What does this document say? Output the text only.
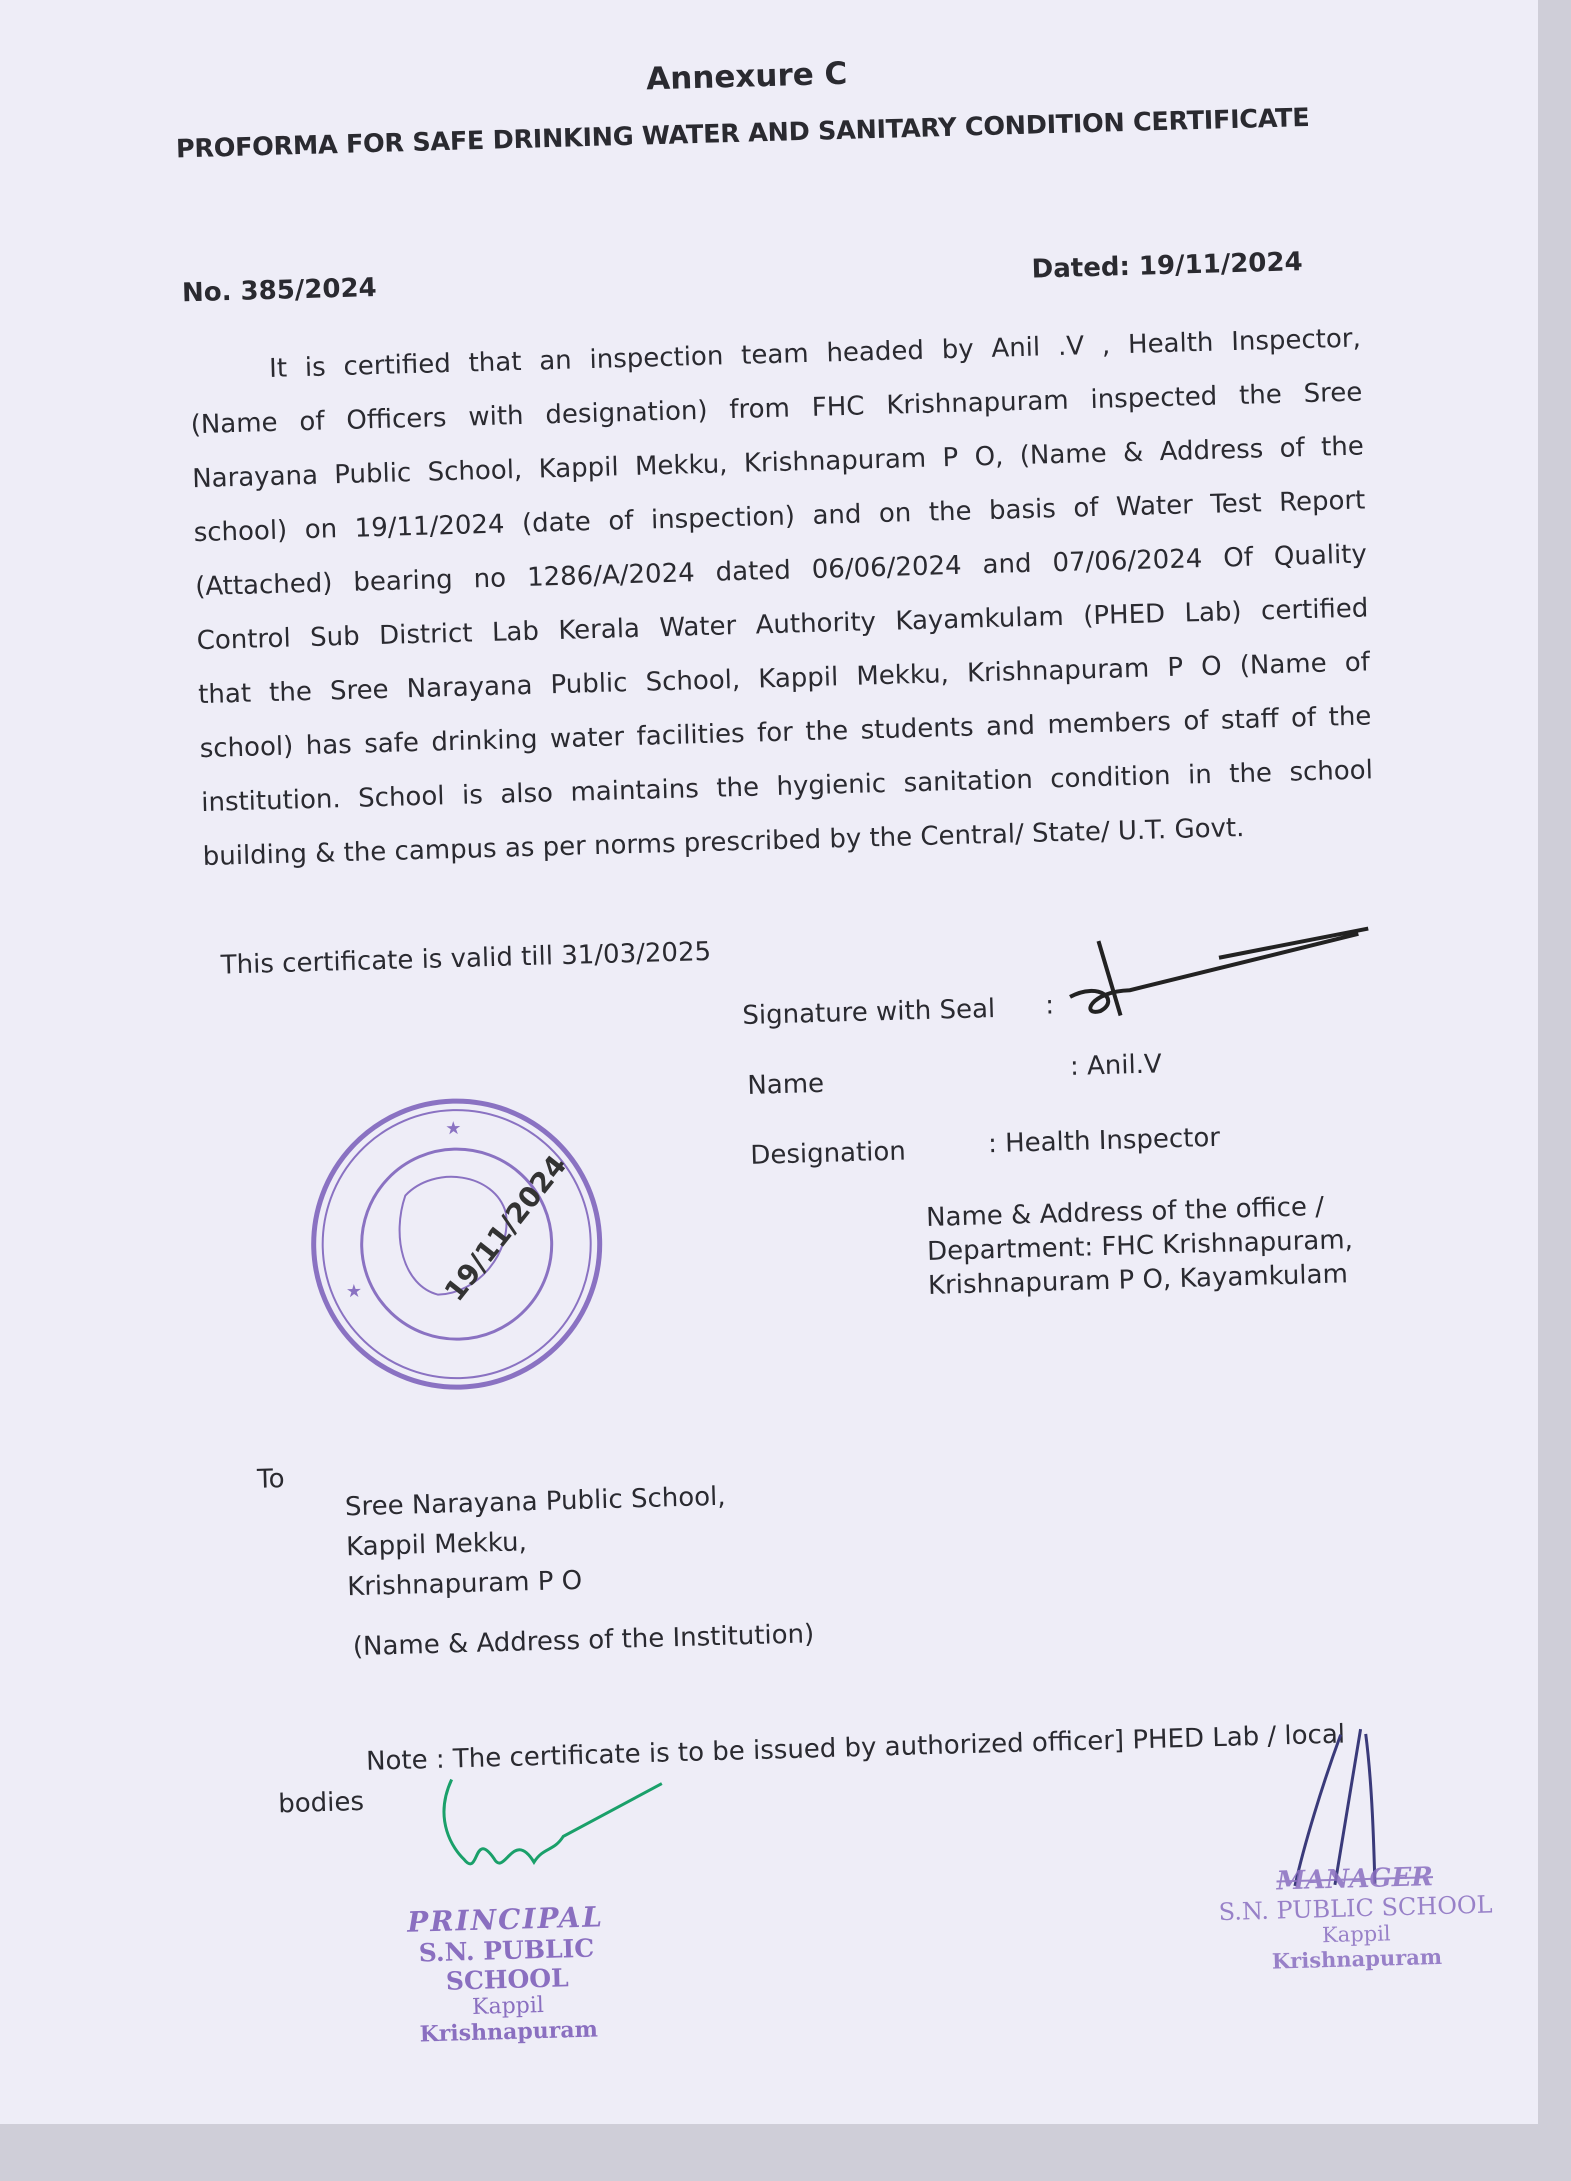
Annexure C
PROFORMA FOR SAFE DRINKING WATER AND SANITARY CONDITION CERTIFICATE
No. 385/2024
Dated: 19/11/2024
It is certified that an inspection team headed by Anil .V , Health Inspector,
(Name of Officers with designation) from FHC Krishnapuram inspected the Sree
Narayana Public School, Kappil Mekku, Krishnapuram P O, (Name & Address of the
school) on 19/11/2024 (date of inspection) and on the basis of Water Test Report
(Attached) bearing no 1286/A/2024 dated 06/06/2024 and 07/06/2024 Of Quality
Control Sub District Lab Kerala Water Authority Kayamkulam (PHED Lab) certified
that the Sree Narayana Public School, Kappil Mekku, Krishnapuram P O (Name of
school) has safe drinking water facilities for the students and members of staff of the
institution. School is also maintains the hygienic sanitation condition in the school
building & the campus as per norms prescribed by the Central/ State/ U.T. Govt.
This certificate is valid till 31/03/2025
Signature with Seal :
Name
: Anil.V
Designation	: Health Inspector
Name & Address of the office /
Department: FHC Krishnapuram,
Krishnapuram P O, Kayamkulam
★
★	19/11/2024
To
Sree Narayana Public School,
Kappil Mekku,
Krishnapuram P O
(Name & Address of the Institution)
Note : The certificate is to be issued by authorized officer] PHED Lab / local
bodies
PRINCIPAL
S.N. PUBLIC SCHOOL
Kappil
Krishnapuram
MANAGER
S.N. PUBLIC SCHOOL
Kappil
Krishnapuram
